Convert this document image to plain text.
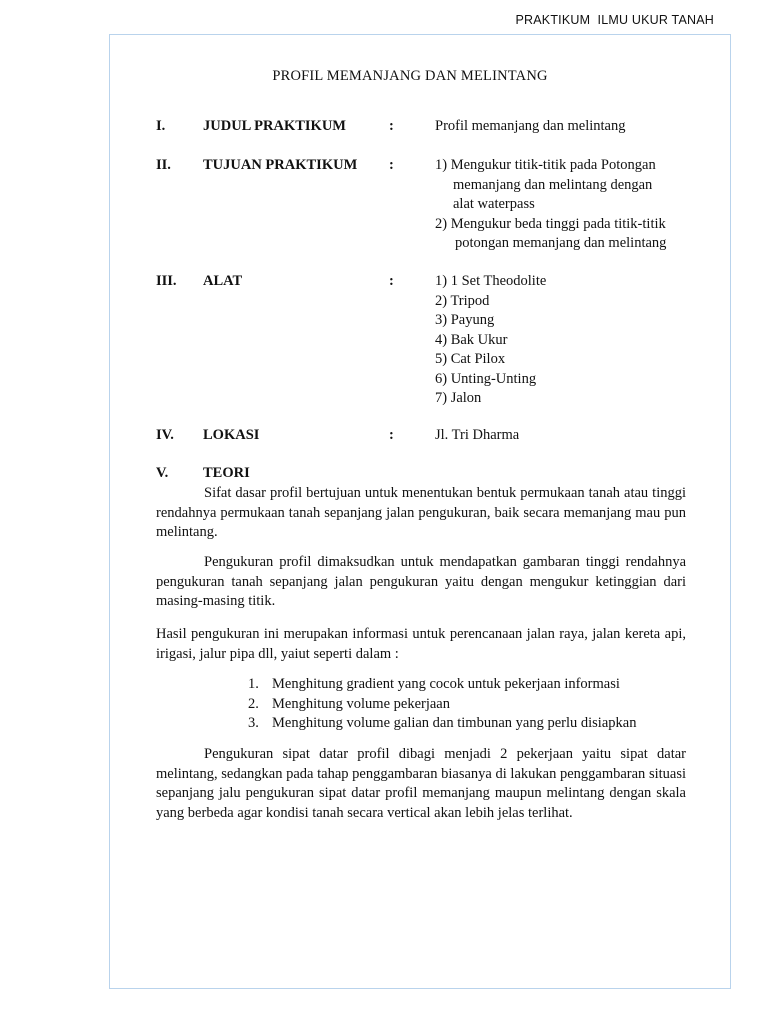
PRAKTIKUM  ILMU UKUR TANAH
PROFIL MEMANJANG DAN MELINTANG
I.	JUDUL PRAKTIKUM	:	Profil memanjang dan melintang
II. TUJUAN PRAKTIKUM :	1) Mengukur titik-titik pada Potongan
memanjang dan melintang dengan
alat waterpass
2) Mengukur beda tinggi pada titik-titik
potongan memanjang dan melintang
III. ALAT	:	1) 1 Set Theodolite
2) Tripod
3) Payung
4) Bak Ukur
5) Cat Pilox
6) Unting-Unting
7) Jalon
IV. LOKASI	:	Jl. Tri Dharma
V. TEORI
Sifat dasar profil bertujuan untuk menentukan bentuk permukaan tanah atau tinggi rendahnya permukaan tanah sepanjang jalan pengukuran, baik secara memanjang mau pun melintang.
Pengukuran profil dimaksudkan untuk mendapatkan gambaran tinggi rendahnya pengukuran tanah sepanjang jalan pengukuran yaitu dengan mengukur ketinggian dari masing-masing titik.
Hasil pengukuran ini merupakan informasi untuk perencanaan jalan raya, jalan kereta api, irigasi, jalur pipa dll, yaiut seperti dalam :
1. Menghitung gradient yang cocok untuk pekerjaan informasi
2. Menghitung volume pekerjaan
3. Menghitung volume galian dan timbunan yang perlu disiapkan
Pengukuran sipat datar profil dibagi menjadi 2 pekerjaan yaitu sipat datar melintang, sedangkan pada tahap penggambaran biasanya di lakukan penggambaran situasi sepanjang jalu pengukuran sipat datar profil memanjang maupun melintang dengan skala yang berbeda agar kondisi tanah secara vertical akan lebih jelas terlihat.
